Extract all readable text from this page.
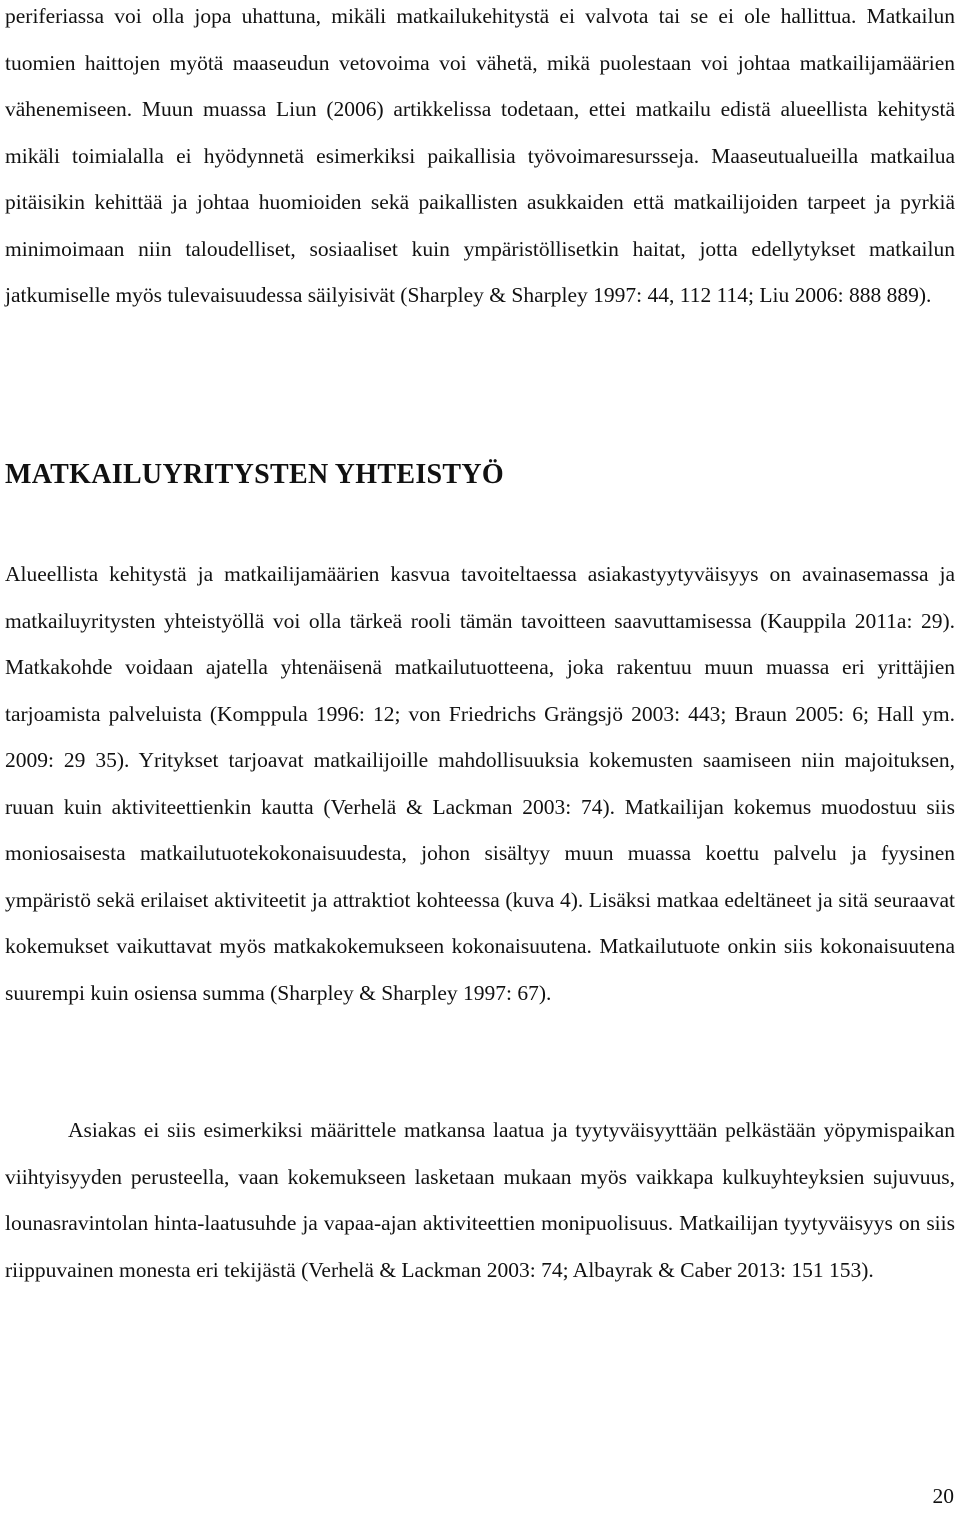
periferiassa voi olla jopa uhattuna, mikäli matkailukehitystä ei valvota tai se ei ole hallittua. Matkailun tuomien haittojen myötä maaseudun vetovoima voi vähetä, mikä puolestaan voi johtaa matkailijamäärien vähenemiseen. Muun muassa Liun (2006) artikkelissa todetaan, ettei matkailu edistä alueellista kehitystä mikäli toimialalla ei hyödynnetä esimerkiksi paikallisia työvoimaresursseja. Maaseutualueilla matkailua pitäisikin kehittää ja johtaa huomioiden sekä paikallisten asukkaiden että matkailijoiden tarpeet ja pyrkiä minimoimaan niin taloudelliset, sosiaaliset kuin ympäristöllisetkin haitat, jotta edellytykset matkailun jatkumiselle myös tulevaisuudessa säilyisivät (Sharpley & Sharpley 1997: 44, 112 114; Liu 2006: 888 889).

MATKAILUYRITYSTEN YHTEISTYÖ

Alueellista kehitystä ja matkailijamäärien kasvua tavoiteltaessa asiakastyytyväisyys on avainasemassa ja matkailuyritysten yhteistyöllä voi olla tärkeä rooli tämän tavoitteen saavuttamisessa (Kauppila 2011a: 29). Matkakohde voidaan ajatella yhtenäisenä matkailutuotteena, joka rakentuu muun muassa eri yrittäjien tarjoamista palveluista (Komppula 1996: 12; von Friedrichs Grängsjö 2003: 443; Braun 2005: 6; Hall ym. 2009: 29 35). Yritykset tarjoavat matkailijoille mahdollisuuksia kokemusten saamiseen niin majoituksen, ruuan kuin aktiviteettienkin kautta (Verhelä & Lackman 2003: 74). Matkailijan kokemus muodostuu siis moniosaisesta matkailutuotekokonaisuudesta, johon sisältyy muun muassa koettu palvelu ja fyysinen ympäristö sekä erilaiset aktiviteetit ja attraktiot kohteessa (kuva 4). Lisäksi matkaa edeltäneet ja sitä seuraavat kokemukset vaikuttavat myös matkakokemukseen kokonaisuutena. Matkailutuote onkin siis kokonaisuutena suurempi kuin osiensa summa (Sharpley & Sharpley 1997: 67).

Asiakas ei siis esimerkiksi määrittele matkansa laatua ja tyytyväisyyttään pelkästään yöpymispaikan viihtyisyyden perusteella, vaan kokemukseen lasketaan mukaan myös vaikkapa kulkuyhteyksien sujuvuus, lounasravintolan hinta-laatusuhde ja vapaa-ajan aktiviteettien monipuolisuus. Matkailijan tyytyväisyys on siis riippuvainen monesta eri tekijästä (Verhelä & Lackman 2003: 74; Albayrak & Caber 2013: 151 153).

20
